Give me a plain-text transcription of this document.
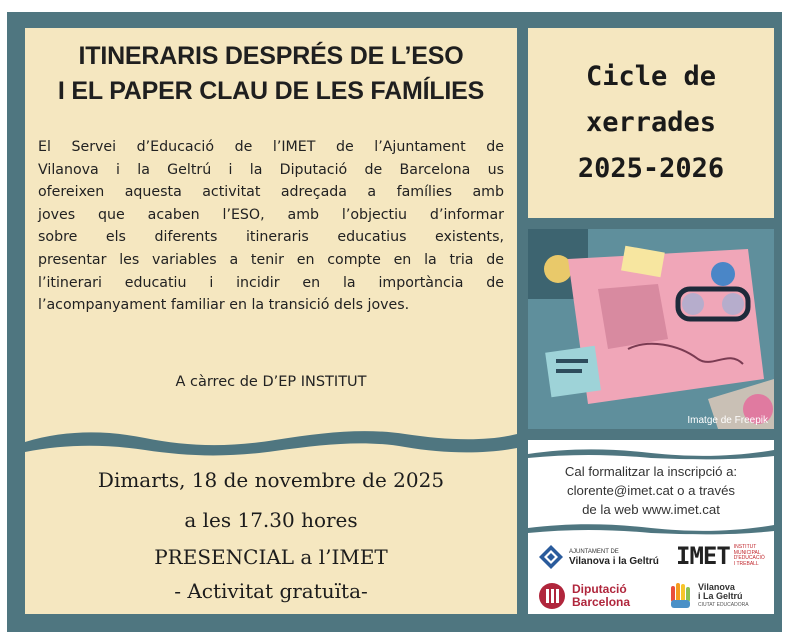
ITINERARIS DESPRÉS DE L’ESO
I EL PAPER CLAU DE LES FAMÍLIES
El Servei d’Educació de l’IMET de l’Ajuntament de
Vilanova i la Geltrú i la Diputació de Barcelona us
ofereixen aquesta activitat adreçada a famílies amb
joves que acaben l’ESO, amb l’objectiu d’informar
sobre els diferents itineraris educatius existents,
presentar les variables a tenir en compte en la tria de
l’itinerari educatiu i incidir en la importància de
l’acompanyament familiar en la transició dels joves.
A càrrec de D’EP INSTITUT
Dimarts, 18 de novembre de 2025
a les 17.30 hores
PRESENCIAL a l’IMET
- Activitat gratuïta-
Cicle de
xerrades
2025-2026
Imatge de Freepik
Cal formalitzar la inscripció a:
clorente@imet.cat o a través
de la web www.imet.cat
AJUNTAMENT DE
Vilanova i la Geltrú IMET INSTITUT
MUNICIPAL
D'EDUCACIÓ
I TREBALL
Diputació
Barcelona
Vilanova
i La Geltrú
CIUTAT EDUCADORA
